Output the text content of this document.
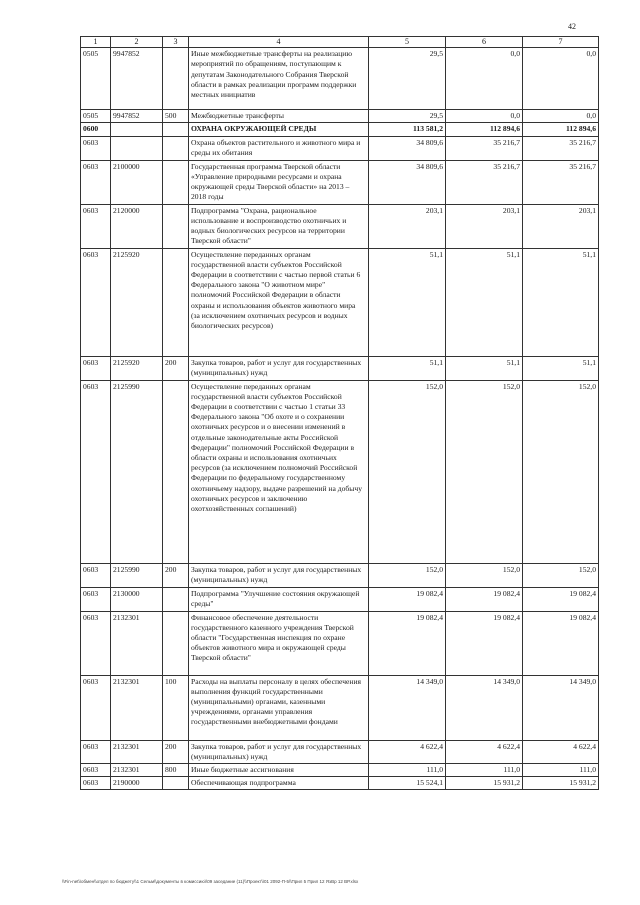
42
1	2	3	4	5	6	7
0505	9947852		Иные межбюджетные трансферты на реализацию мероприятий по обращениям, поступающим к депутатам Законодательного Собрания Тверской области в рамках реализации программ поддержки местных инициатив	29,5	0,0	0,0
0505	9947852	500	Межбюджетные трансферты	29,5	0,0	0,0
0600			ОХРАНА ОКРУЖАЮЩЕЙ СРЕДЫ	113 581,2	112 894,6	112 894,6
0603			Охрана объектов растительного и животного мира и среды их обитания	34 809,6	35 216,7	35 216,7
0603	2100000		Государственная программа Тверской области «Управление природными ресурсами и охрана окружающей среды Тверской области» на 2013 – 2018 годы	34 809,6	35 216,7	35 216,7
0603	2120000		Подпрограмма "Охрана, рациональное использование и воспроизводство охотничьих и водных биологических ресурсов на территории Тверской области"	203,1	203,1	203,1
0603	2125920		Осуществление переданных органам государственной власти субъектов Российской Федерации в соответствии с частью первой статьи 6 Федерального закона "О животном мире" полномочий Российской Федерации в области охраны и использования объектов животного мира (за исключением охотничьих ресурсов и водных биологических ресурсов)	51,1	51,1	51,1
0603	2125920	200	Закупка товаров, работ и услуг для государственных (муниципальных) нужд	51,1	51,1	51,1
0603	2125990		Осуществление переданных органам государственной власти субъектов Российской Федерации в соответствии с частью 1 статьи 33 Федерального закона "Об охоте и о сохранении охотничьих ресурсов и о внесении изменений в отдельные законодательные акты Российской Федерации" полномочий Российской Федерации в области охраны и использования охотничьих ресурсов (за исключением полномочий Российской Федерации по федеральному государственному охотничьему надзору, выдаче разрешений на добычу охотничьих ресурсов и заключению охотхозяйственных соглашений)	152,0	152,0	152,0
0603	2125990	200	Закупка товаров, работ и услуг для государственных (муниципальных) нужд	152,0	152,0	152,0
0603	2130000		Подпрограмма "Улучшение состояния окружающей среды"	19 082,4	19 082,4	19 082,4
0603	2132301		Финансовое обеспечение деятельности государственного казенного учреждения Тверской области "Государственная инспекция по охране объектов животного мира и окружающей среды Тверской области"	19 082,4	19 082,4	19 082,4
0603	2132301	100	Расходы на выплаты персоналу в целях обеспечения выполнения функций государственными (муниципальными) органами, казенными учреждениями, органами управления государственными внебюджетными фондами	14 349,0	14 349,0	14 349,0
0603	2132301	200	Закупка товаров, работ и услуг для государственных (муниципальных) нужд	4 622,4	4 622,4	4 622,4
0603	2132301	800	Иные бюджетные ассигнования	111,0	111,0	111,0
0603	2190000		Обеспечивающая подпрограмма	15 524,1	15 931,2	15 931,2
\\Fin-net\\обмен\\отдел по бюджету\\1 Сельм\\документы в комиссию\\09 заседание (11)\\Проект\\01 2092-П-5\\Прил 5 Прил 12 ЯзВр 12 ВР.xlsx
